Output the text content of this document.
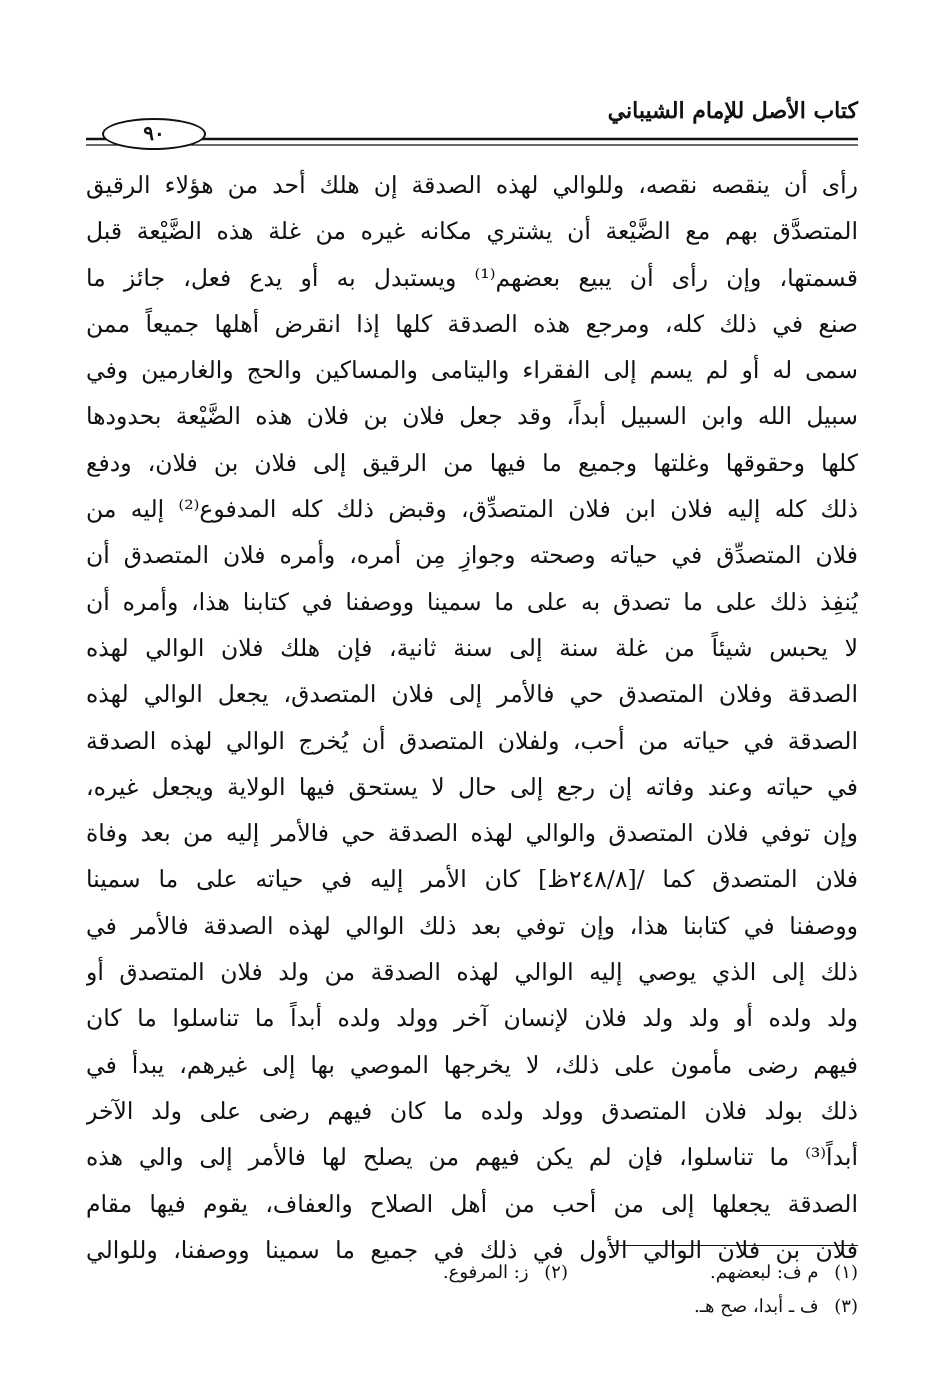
كتاب الأصل للإمام الشيباني
٩٠
رأى أن ينقصه نقصه، وللوالي لهذه الصدقة إن هلك أحد من هؤلاء الرقيق
المتصدَّق بهم مع الضَّيْعة أن يشتري مكانه غيره من غلة هذه الضَّيْعة قبل
قسمتها، وإن رأى أن يبيع بعضهم⁽¹⁾ ويستبدل به أو يدع فعل، جائز ما
صنع في ذلك كله، ومرجع هذه الصدقة كلها إذا انقرض أهلها جميعاً ممن
سمى له أو لم يسم إلى الفقراء واليتامى والمساكين والحج والغارمين وفي
سبيل الله وابن السبيل أبداً، وقد جعل فلان بن فلان هذه الضَّيْعة بحدودها
كلها وحقوقها وغلتها وجميع ما فيها من الرقيق إلى فلان بن فلان، ودفع
ذلك كله إليه فلان ابن فلان المتصدِّق، وقبض ذلك كله المدفوع⁽²⁾ إليه من
فلان المتصدِّق في حياته وصحته وجوازِ مِن أمره، وأمره فلان المتصدق أن
يُنفِذ ذلك على ما تصدق به على ما سمينا ووصفنا في كتابنا هذا، وأمره أن
لا يحبس شيئاً من غلة سنة إلى سنة ثانية، فإن هلك فلان الوالي لهذه
الصدقة وفلان المتصدق حي فالأمر إلى فلان المتصدق، يجعل الوالي لهذه
الصدقة في حياته من أحب، ولفلان المتصدق أن يُخرج الوالي لهذه الصدقة
في حياته وعند وفاته إن رجع إلى حال لا يستحق فيها الولاية ويجعل غيره،
وإن توفي فلان المتصدق والوالي لهذه الصدقة حي فالأمر إليه من بعد وفاة
فلان المتصدق كما /[٢٤٨/٨ظ] كان الأمر إليه في حياته على ما سمينا
ووصفنا في كتابنا هذا، وإن توفي بعد ذلك الوالي لهذه الصدقة فالأمر في
ذلك إلى الذي يوصي إليه الوالي لهذه الصدقة من ولد فلان المتصدق أو
ولد ولده أو ولد ولد فلان لإنسان آخر وولد ولده أبداً ما تناسلوا ما كان
فيهم رضى مأمون على ذلك، لا يخرجها الموصي بها إلى غيرهم، يبدأ في
ذلك بولد فلان المتصدق وولد ولده ما كان فيهم رضى على ولد الآخر
أبداً⁽³⁾ ما تناسلوا، فإن لم يكن فيهم من يصلح لها فالأمر إلى والي هذه
الصدقة يجعلها إلى من أحب من أهل الصلاح والعفاف، يقوم فيها مقام
فلان بن فلان الوالي الأول في ذلك في جميع ما سمينا ووصفنا، وللوالي
(١) م ف: لبعضهم.
(٢) ز: المرفوع.
(٣) ف ـ أبدا، صح هـ.
